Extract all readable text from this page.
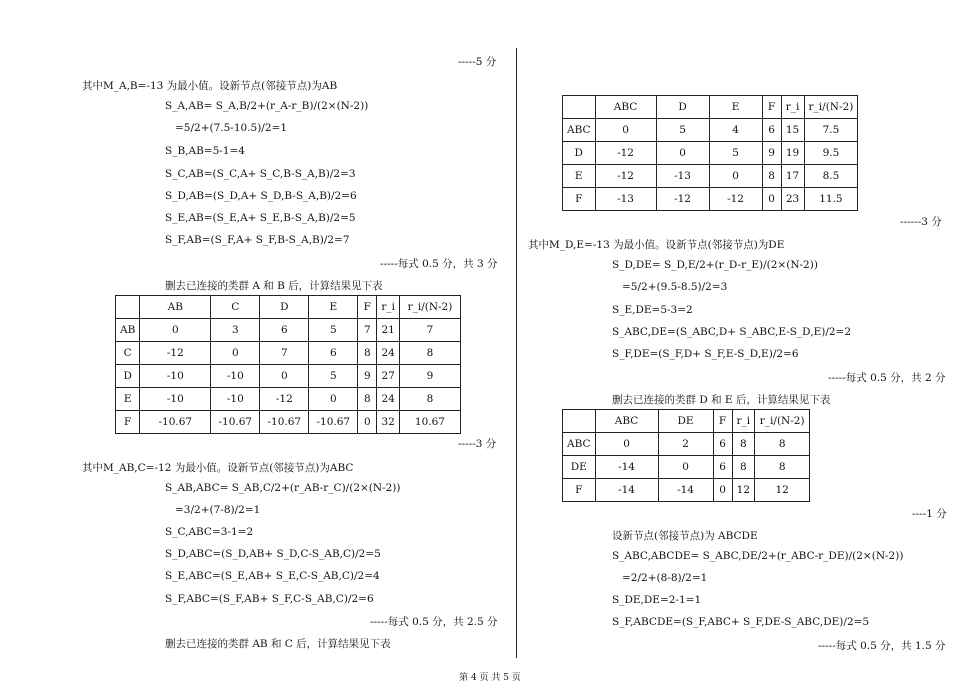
-----5 分
其中M_A,B=-13 为最小值。设新节点(邻接节点)为AB
S_A,AB= S_A,B/2+(r_A-r_B)/(2×(N-2))
=5/2+(7.5-10.5)/2=1
S_B,AB=5-1=4
S_C,AB=(S_C,A+ S_C,B-S_A,B)/2=3
S_D,AB=(S_D,A+ S_D,B-S_A,B)/2=6
S_E,AB=(S_E,A+ S_E,B-S_A,B)/2=5
S_F,AB=(S_F,A+ S_F,B-S_A,B)/2=7
-----每式 0.5 分，共 3 分
删去已连接的类群 A 和 B 后，计算结果见下表
	AB	C	D	E	F	r_i	r_i/(N-2)
AB	0	3	6	5	7	21	7
C	-12	0	7	6	8	24	8
D	-10	-10	0	5	9	27	9
E	-10	-10	-12	0	8	24	8
F	-10.67	-10.67	-10.67	-10.67	0	32	10.67
-----3 分
其中M_AB,C=-12 为最小值。设新节点(邻接节点)为ABC
S_AB,ABC= S_AB,C/2+(r_AB-r_C)/(2×(N-2))
=3/2+(7-8)/2=1
S_C,ABC=3-1=2
S_D,ABC=(S_D,AB+ S_D,C-S_AB,C)/2=5
S_E,ABC=(S_E,AB+ S_E,C-S_AB,C)/2=4
S_F,ABC=(S_F,AB+ S_F,C-S_AB,C)/2=6
-----每式 0.5 分，共 2.5 分
删去已连接的类群 AB 和 C 后，计算结果见下表
	ABC	D	E	F	r_i	r_i/(N-2)
ABC	0	5	4	6	15	7.5
D	-12	0	5	9	19	9.5
E	-12	-13	0	8	17	8.5
F	-13	-12	-12	0	23	11.5
------3 分
其中M_D,E=-13 为最小值。设新节点(邻接节点)为DE
S_D,DE= S_D,E/2+(r_D-r_E)/(2×(N-2))
=5/2+(9.5-8.5)/2=3
S_E,DE=5-3=2
S_ABC,DE=(S_ABC,D+ S_ABC,E-S_D,E)/2=2
S_F,DE=(S_F,D+ S_F,E-S_D,E)/2=6
-----每式 0.5 分，共 2 分
删去已连接的类群 D 和 E 后，计算结果见下表
	ABC	DE	F	r_i	r_i/(N-2)
ABC	0	2	6	8	8
DE	-14	0	6	8	8
F	-14	-14	0	12	12
----1 分
设新节点(邻接节点)为 ABCDE
S_ABC,ABCDE= S_ABC,DE/2+(r_ABC-r_DE)/(2×(N-2))
=2/2+(8-8)/2=1
S_DE,DE=2-1=1
S_F,ABCDE=(S_F,ABC+ S_F,DE-S_ABC,DE)/2=5
-----每式 0.5 分，共 1.5 分
第 4 页 共 5 页
